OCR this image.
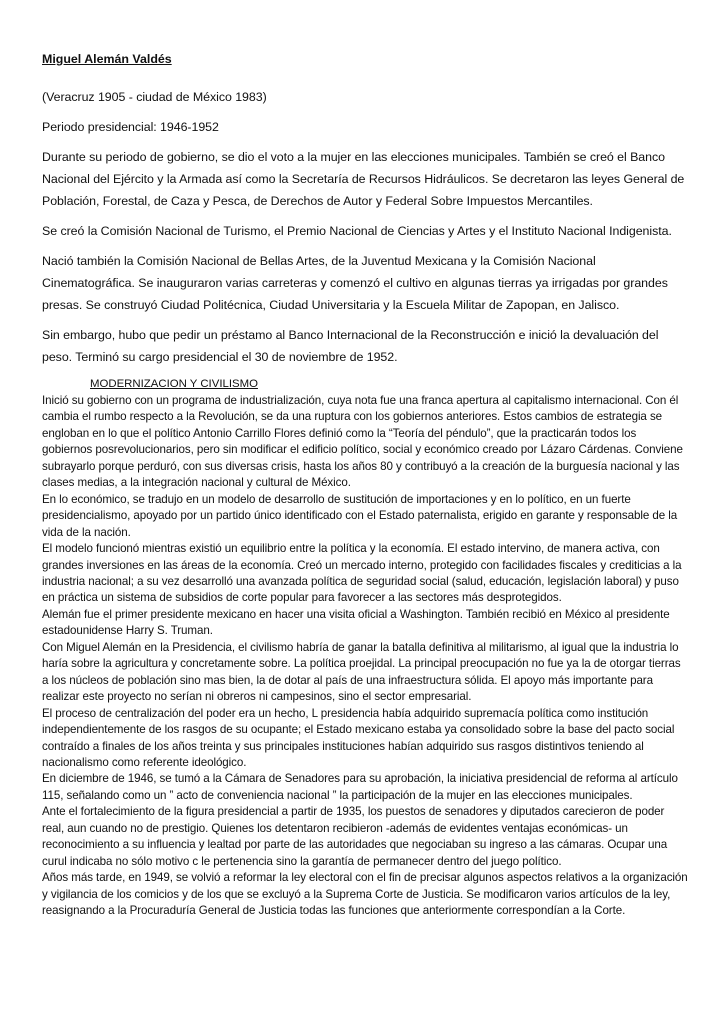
Miguel Alemán Valdés

(Veracruz 1905 - ciudad de México 1983)

Periodo presidencial: 1946-1952

Durante su periodo de gobierno, se dio el voto a la mujer en las elecciones municipales. También se creó el Banco Nacional del Ejército y la Armada así como la Secretaría de Recursos Hidráulicos. Se decretaron las leyes General de Población, Forestal, de Caza y Pesca, de Derechos de Autor y Federal Sobre Impuestos Mercantiles.

Se creó la Comisión Nacional de Turismo, el Premio Nacional de Ciencias y Artes y el Instituto Nacional Indigenista.

Nació también la Comisión Nacional de Bellas Artes, de la Juventud Mexicana y la Comisión Nacional Cinematográfica. Se inauguraron varias carreteras y comenzó el cultivo en algunas tierras ya irrigadas por grandes presas. Se construyó Ciudad Politécnica, Ciudad Universitaria y la Escuela Militar de Zapopan, en Jalisco.

Sin embargo, hubo que pedir un préstamo al Banco Internacional de la Reconstrucción e inició la devaluación del peso. Terminó su cargo presidencial el 30 de noviembre de 1952.

MODERNIZACION Y CIVILISMO

Inició su gobierno con un programa de industrialización, cuya nota fue una franca apertura al capitalismo internacional. Con él cambia el rumbo respecto a la Revolución, se da una ruptura con los gobiernos anteriores. Estos cambios de estrategia se engloban en lo que el político Antonio Carrillo Flores definió como la “Teoría del péndulo”, que la practicarán todos los gobiernos posrevolucionarios, pero sin modificar el edificio político, social y económico creado por Lázaro Cárdenas. Conviene subrayarlo porque perduró, con sus diversas crisis, hasta los años 80 y contribuyó a la creación de la burguesía nacional y las clases medias, a la integración nacional y cultural de México.

En lo económico, se tradujo en un modelo de desarrollo de sustitución de importaciones y en lo político, en un fuerte presidencialismo, apoyado por un partido único identificado con el Estado paternalista, erigido en garante y responsable de la vida de la nación.

El modelo funcionó mientras existió un equilibrio entre la política y la economía. El estado intervino, de manera activa, con grandes inversiones en las áreas de la economía. Creó un mercado interno, protegido con facilidades fiscales y crediticias a la industria nacional; a su vez desarrolló una avanzada política de seguridad social (salud, educación, legislación laboral) y puso en práctica un sistema de subsidios de corte popular para favorecer a las sectores más desprotegidos.

Alemán fue el primer presidente mexicano en hacer una visita oficial a Washington. También recibió en México al presidente estadounidense Harry S. Truman.

Con Miguel Alemán en la Presidencia, el civilismo habría de ganar la batalla definitiva al militarismo, al igual que la industria lo haría sobre la agricultura y concretamente sobre. La política proejidal. La principal preocupación no fue ya la de otorgar tierras a los núcleos de población sino mas bien, la de dotar al país de una infraestructura sólida. El apoyo más importante para realizar este proyecto no serían ni obreros ni campesinos, sino el sector empresarial.

El proceso de centralización del poder era un hecho, L presidencia había adquirido supremacía política como institución independientemente de los rasgos de su ocupante; el Estado mexicano estaba ya consolidado sobre la base del pacto social contraído a finales de los años treinta y sus principales instituciones habían adquirido sus rasgos distintivos teniendo al nacionalismo como referente ideológico.

En diciembre de 1946, se tumó a la Cámara de Senadores para su aprobación, la iniciativa presidencial de reforma al artículo 115, señalando como un ” acto de conveniencia nacional ” la participación de la mujer en las elecciones municipales.

Ante el fortalecimiento de la figura presidencial a partir de 1935, los puestos de senadores y diputados carecieron de poder real, aun cuando no de prestigio. Quienes los detentaron recibieron -además de evidentes ventajas económicas- un reconocimiento a su influencia y lealtad por parte de las autoridades que negociaban su ingreso a las cámaras. Ocupar una curul indicaba no sólo motivo c le pertenencia sino la garantía de permanecer dentro del juego político.

Años más tarde, en 1949, se volvió a reformar la ley electoral con el fin de precisar algunos aspectos relativos a la organización y vigilancia de los comicios y de los que se excluyó a la Suprema Corte de Justicia. Se modificaron varios artículos de la ley, reasignando a la Procuraduría General de Justicia todas las funciones que anteriormente correspondían a la Corte.
